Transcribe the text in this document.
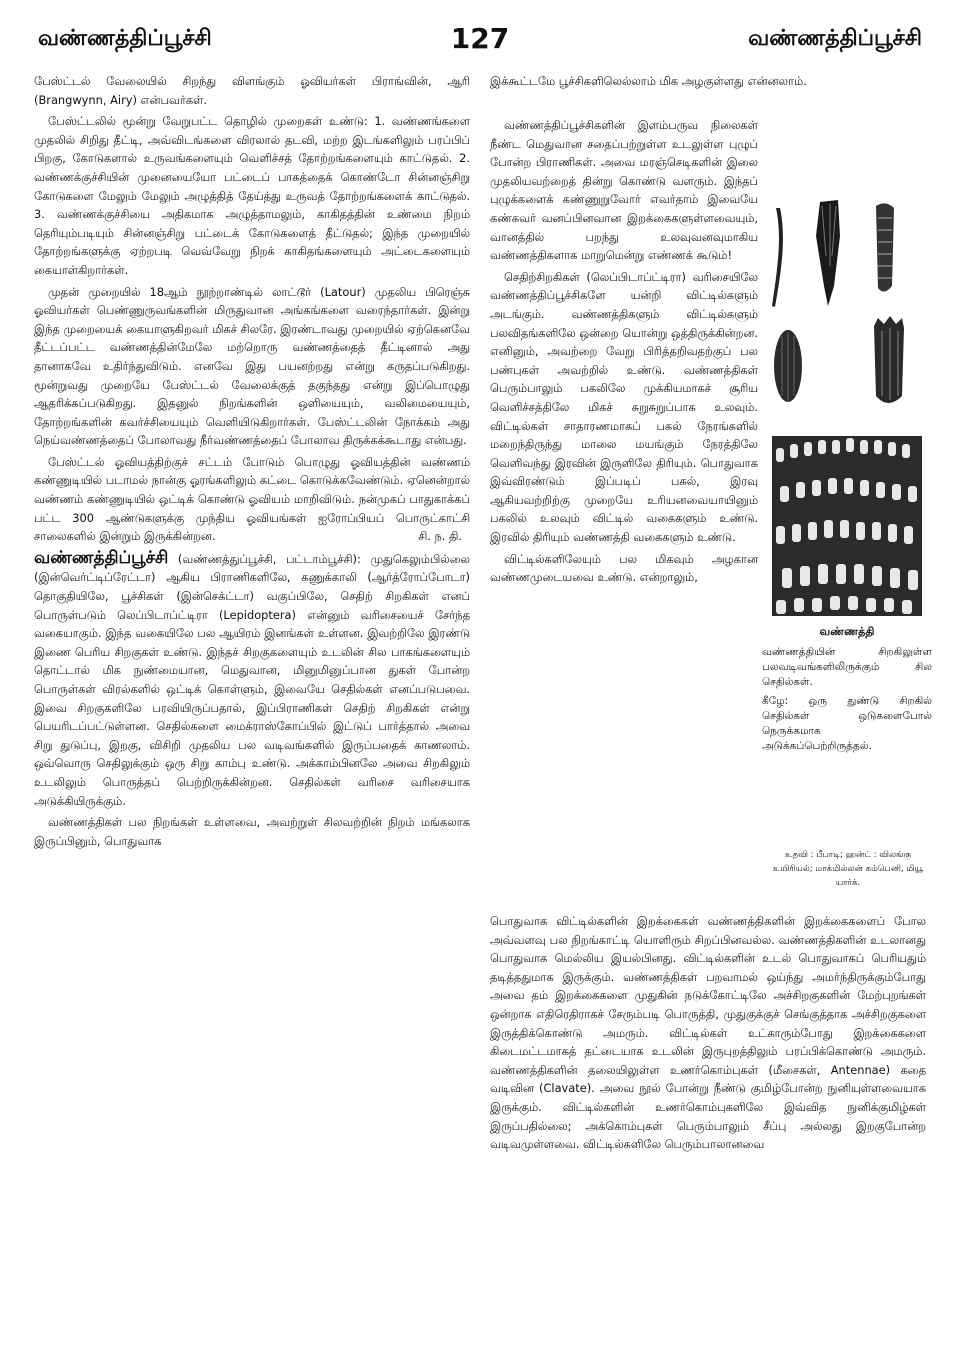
வண்ணத்திப்பூச்சி	127	வண்ணத்திப்பூச்சி

பேஸ்ட்டல் வேலையில் சிறந்து விளங்கும் ஓவியர்கள் பிராங்வின், ஆரி (Brangwynn, Airy) என்பவர்கள்.

பேஸ்ட்டலில் மூன்று வேறுபட்ட தொழில் முறைகள் உண்டு: 1. வண்ணங்களை முதலில் சிறிது தீட்டி, அவ்விடங்களை விரலால் தடவி, மற்ற இடங்களிலும் பரப்பிப் பிறகு, கோடுகளால் உருவங்களையும் வெளிச்சத் தோற்றங்களையும் காட்டுதல். 2. வண்ணக்குச்சியின் முனையையோ பட்டைப் பாகத்தைக் கொண்டோ சின்னஞ்சிறு கோடுகளை மேலும் மேலும் அழுத்தித் தேய்த்து உருவத் தோற்றங்களைக் காட்டுதல். 3. வண்ணக்குச்சியை அதிகமாக அழுத்தாமலும், காகிதத்தின் உண்மை நிறம் தெரியும்படியும் சின்னஞ்சிறு பட்டைக் கோடுகளைத் தீட்டுதல்; இந்த முறையில் தோற்றங்களுக்கு ஏற்றபடி வெவ்வேறு நிறக் காகிதங்களையும் அட்டைகளையும் கையாள்கிறார்கள்.

முதன் முறையில் 18ஆம் நூற்றாண்டில் லாட்டூர் (Latour) முதலிய பிரெஞ்சு ஓவியர்கள் பெண்ணுருவங்களின் மிருதுவான அங்கங்களை வரைந்தார்கள். இன்று இந்த முறையைக் கையாளுகிறவர் மிகச் சிலரே. இரண்டாவது முறையில் ஏற்கெனவே தீட்டப்பட்ட வண்ணத்தின்மேலே மற்றொரு வண்ணத்தைத் தீட்டினால் அது தானாகவே உதிர்ந்துவிடும். எனவே இது பயனற்றது என்று கருதப்படுகிறது. மூன்றுவது முறையே பேஸ்ட்டல் வேலைக்குத் தகுந்தது என்று இப்பொழுது ஆதரிக்கப்படுகிறது. இதனுல் நிறங்களின் ஒளியையும், வலிமையையும், தோற்றங்களின் கவர்ச்சியையும் வெளியிடுகிறார்கள். பேஸ்ட்டலின் நோக்கம் அது நெய்வண்ணத்தைப் போலாவது நீர்வண்ணத்தைப் போலாவ திருக்கக்கூடாது என்பது.

பேஸ்ட்டல் ஓவியத்திற்குச் சட்டம் போடும் பொழுது ஓவியத்தின் வண்ணம் கண்ணுடியில் படாமல் நான்கு ஓரங்களிலும் கட்டை கொடுக்கவேண்டும். ஏனென்றால் வண்ணம் கண்ணுடியில் ஒட்டிக் கொண்டு ஓவியம் மாறிவிடும். நன்முகப் பாதுகாக்கப் பட்ட 300 ஆண்டுகளுக்கு முந்திய ஓவியங்கள் ஐரோப்பியப் பொருட்காட்சி சாலைகளில் இன்றும் இருக்கின்றன.	சி. ந. தி.

வண்ணத்திப்பூச்சி (வண்ணத்துப்பூச்சி, பட்டாம்பூச்சி): முதுகெலும்பில்லை (இன்வெர்ட்டிப்ரேட்டா) ஆகிய பிராணிகளிலே, கணுக்காலி (ஆர்த்ரோப்போடா) தொகுதியிலே, பூச்சிகள் (இன்செக்ட்டா) வகுப்பிலே, செதிற் சிறகிகள் எனப் பொருள்படும் லெப்பிடாப்ட்டிரா (Lepidoptera) என்னும் வரிசையைச் சேர்ந்த வகையாகும். இந்த வகையிலே பல ஆயிரம் இனங்கள் உள்ளன. இவற்றிலே இரண்டு இணை பெரிய சிறகுகள் உண்டு. இந்தச் சிறகுகளையும் உடலின் சில பாகங்களையும் தொட்டால் மிக நுண்மையான, மெதுவான, மினுமினுப்பான துகள் போன்ற பொருள்கள் விரல்களில் ஒட்டிக் கொள்ளும், இவையே செதில்கள் எனப்படுபவை. இவை சிறகுகளிலே பரவியிருப்பதால், இப்பிராணிகள் செதிற் சிறகிகள் என்று பெயரிடப்பட்டுள்ளன. செதில்களை மைக்ராஸ்கோப்பில் இட்டுப் பார்த்தால் அவை சிறு துடுப்பு, இறகு, விசிறி முதலிய பல வடிவங்களில் இருப்பதைக் காணலாம். ஒவ்வொரு செதிலுக்கும் ஒரு சிறு காம்பு உண்டு. அக்காம்பினலே அவை சிறகிலும் உடலிலும் பொருத்தப் பெற்றிருக்கின்றன. செதில்கள் வரிசை வரிசையாக அடுக்கியிருக்கும்.

வண்ணத்திகள் பல நிறங்கள் உள்ளவை, அவற்றுள் சிலவற்றின் நிறம் மங்கலாக இருப்பினும், பொதுவாக

இக்கூட்டமே பூச்சிகளிலெல்லாம் மிக அழகுள்ளது என்னலாம்.

வண்ணத்திப்பூச்சிகளின் இளம்பருவ நிலைகள் நீண்ட மெதுவான சதைப்பற்றுள்ள உடலுள்ள புழுப் போன்ற பிராணிகள். அவை மரஞ்செடிகளின் இலை முதலியவற்றைத் தின்று கொண்டு வளரும். இந்தப் புழுக்களைக் கண்ணுறுவோர் எவர்தாம் இவையே கண்கவர் வனப்பினவான இறக்கைகளுள்ளவையும், வானத்தில் பறந்து உலவுவனவுமாகிய வண்ணத்திகளாக மாறுமென்று எண்ணக் கூடும்!

செதிற்சிறகிகள் (லெப்பிடாப்ட்டிரா) வரிசையிலே வண்ணத்திப்பூச்சிகளே யன்றி விட்டில்களும் அடங்கும். வண்ணத்திகளும் விட்டில்களும் பலவிதங்களிலே ஒன்றை யொன்று ஒத்திருக்கின்றன. எனினும், அவற்றை வேறு பிரித்தறிவதற்குப் பல பண்புகள் அவற்றில் உண்டு. வண்ணத்திகள் பெரும்பாலும் பகலிலே முக்கியமாகச் சூரிய வெளிச்சத்திலே மிகச் சுறுசுறுப்பாக உலவும். விட்டில்கள் சாதாரணமாகப் பகல் நேரங்களில் மறைந்திருந்து மாலை மயங்கும் நேரத்திலே வெளிவந்து இரவின் இருளிலே திரியும். பொதுவாக இவ்விரண்டும் இப்படிப் பகல், இரவு ஆகியவற்றிற்கு முறையே உரியனவையாயினும் பகலில் உலவும் விட்டில் வகைகளும் உண்டு. இரவில் திரியும் வண்ணத்தி வகைகளும் உண்டு.

விட்டில்களிலேயும் பல மிகவும் அழகான வண்ணமுடையவை உண்டு. என்றாலும்,

வண்ணத்தி

வண்ணத்தியின் சிறகிலுள்ள பலவடிவங்களிலிருக்கும் சில செதில்கள்.

கீழே: ஒரு துண்டு சிறகில் செதில்கள் ஒடுகளைபோல் நெருக்கமாக அடுக்கப்பெற்றிருத்தல்.

உதவி : பீபாடி; ஹன்ட் : விலங்கு உயிரியல்; மாக்மில்லன் கம்பெனி, மியூ யார்க்.

பொதுவாக விட்டில்களின் இறக்கைகள் வண்ணத்திகளின் இறக்கைகளைப் போல அவ்வளவு பல நிறங்காட்டி யொளிரும் சிறப்பினவல்ல. வண்ணத்திகளின் உடலானது பொதுவாக மெல்லிய இயல்பினது. விட்டில்களின் உடல் பொதுவாகப் பெரியதும் தடித்ததுமாக இருக்கும். வண்ணத்திகள் பறவாமல் ஒய்ந்து அமர்ந்திருக்கும்போது அவை தம் இறக்கைகளை முதுகின் நடுக்கோட்டிலே அச்சிறகுகளின் மேற்புறங்கள் ஒன்றாக எதிரெதிராகச் சேரும்படி பொருத்தி, முதுகுக்குச் செங்குத்தாக அச்சிறகுகளை இருத்திக்கொண்டு அமரும். விட்டில்கள் உட்காரும்போது இறக்கைகளை கிடைமட்டமாகத் தட்டையாக உடலின் இருபுறத்திலும் பரப்பிக்கொண்டு அமரும். வண்ணத்திகளின் தலையிலுள்ள உணர்கொம்புகள் (மீசைகள், Antennae) கதை வடிவின (Clavate). அவை நூல் போன்று நீண்டு குமிழ்போன்ற நுனியுள்ளவையாக இருக்கும். விட்டில்களின் உணர்கொம்புகளிலே இவ்வித நுனிக்குமிழ்கள் இருப்பதில்லை; அக்கொம்புகள் பெரும்பாலும் சீப்பு அல்லது இறகுபோன்ற வடிவமுள்ளவை. விட்டில்களிலே பெரும்பாலானவை
